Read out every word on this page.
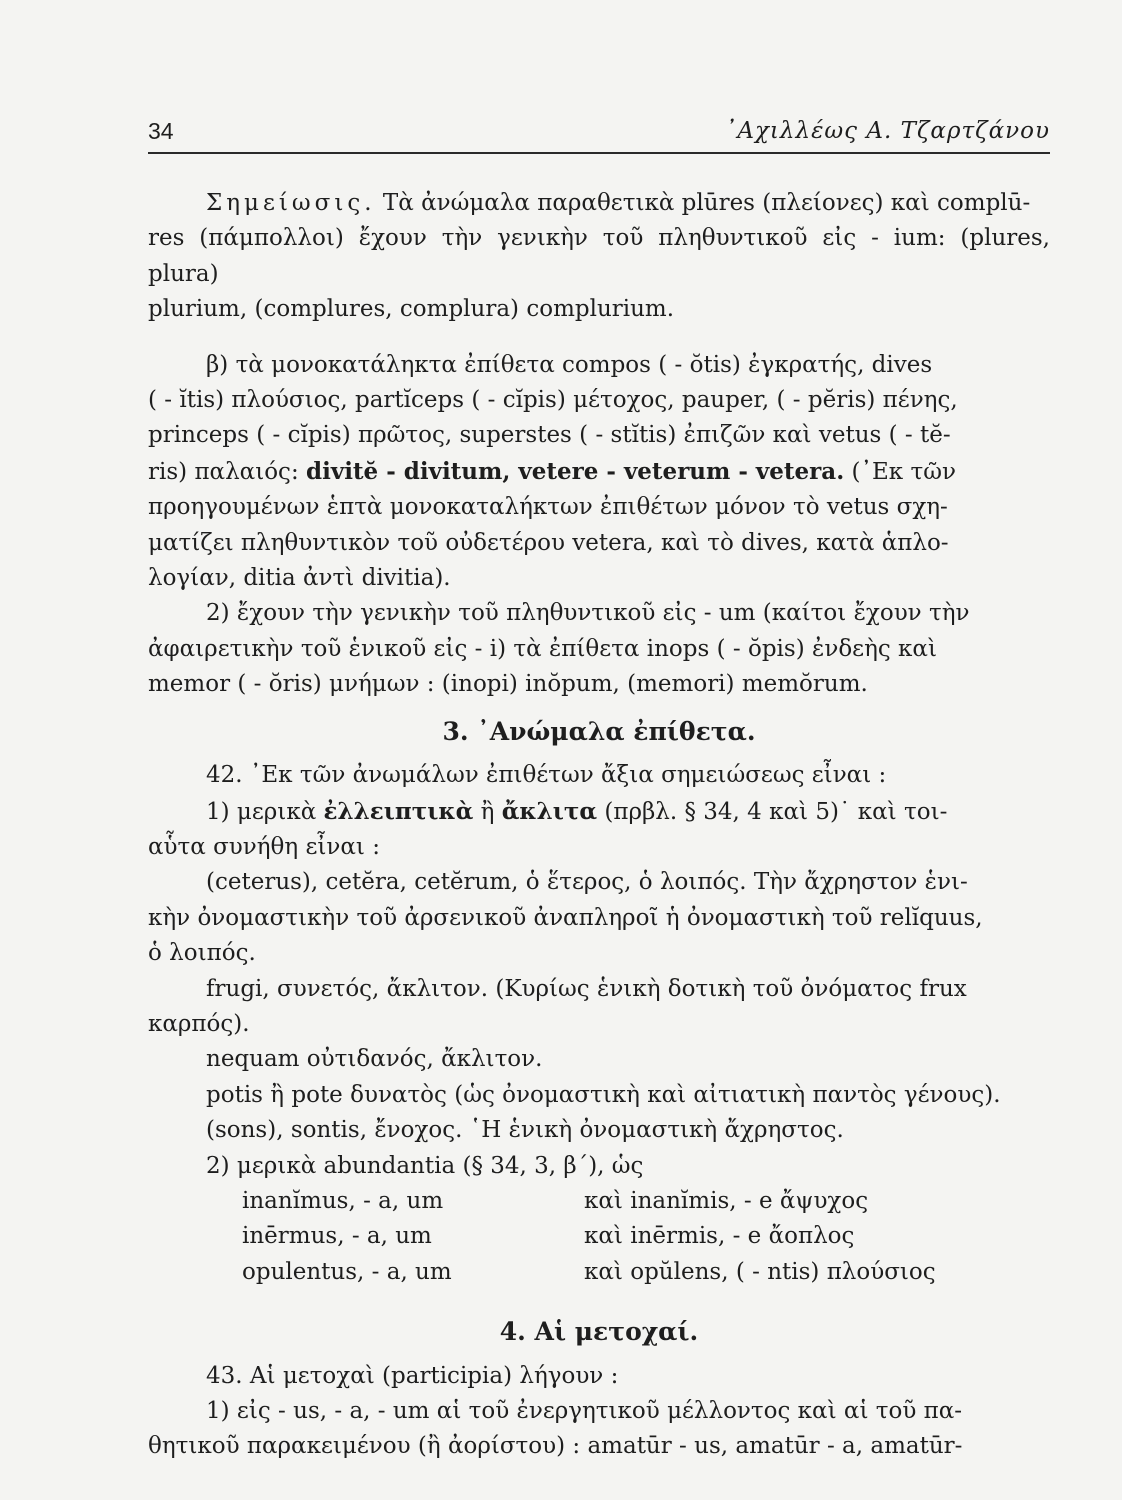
34	᾿Αχιλλέως Α. Τζαρτζάνου

Σημείωσις. Τὰ ἀνώμαλα παραθετικὰ plūres (πλείονες) καὶ complū-

res (πάμπολλοι) ἔχουν τὴν γενικὴν τοῦ πληθυντικοῦ εἰς - ium: (plures, plura)

plurium, (complures, complura) complurium.

β) τὰ μονοκατάληκτα ἐπίθετα compos ( - ŏtis) ἐγκρατής, dives

( - ĭtis) πλούσιος, partĭceps ( - cĭpis) μέτοχος, pauper, ( - pĕris) πένης,

princeps ( - cĭpis) πρῶτος, superstes ( - stĭtis) ἐπιζῶν καὶ vetus ( - tĕ-

ris) παλαιός: divitĕ - divitum, vetere - veterum - vetera. (᾿Εκ τῶν

προηγουμένων ἑπτὰ μονοκαταλήκτων ἐπιθέτων μόνον τὸ vetus σχη-

ματίζει πληθυντικὸν τοῦ οὐδετέρου vetera, καὶ τὸ dives, κατὰ ἁπλο-

λογίαν, ditia ἀντὶ divitia).

2) ἔχουν τὴν γενικὴν τοῦ πληθυντικοῦ εἰς - um (καίτοι ἔχουν τὴν

ἀφαιρετικὴν τοῦ ἑνικοῦ εἰς - i) τὰ ἐπίθετα inops ( - ŏpis) ἐνδεὴς καὶ

memor ( - ŏris) μνήμων : (inopi) inŏpum, (memori) memŏrum.

3. ᾿Ανώμαλα ἐπίθετα.

42. ᾿Εκ τῶν ἀνωμάλων ἐπιθέτων ἄξια σημειώσεως εἶναι :

1) μερικὰ ἐλλειπτικὰ ἢ ἄκλιτα (πρβλ. § 34, 4 καὶ 5)˙ καὶ τοι-

αὗτα συνήθη εἶναι :

(ceterus), cetĕra, cetĕrum, ὁ ἕτερος, ὁ λοιπός. Τὴν ἄχρηστον ἑνι-

κὴν ὀνομαστικὴν τοῦ ἀρσενικοῦ ἀναπληροῖ ἡ ὀνομαστικὴ τοῦ relĭquus,

ὁ λοιπός.

frugi, συνετός, ἄκλιτον. (Κυρίως ἑνικὴ δοτικὴ τοῦ ὀνόματος frux

καρπός).

nequam οὐτιδανός, ἄκλιτον.

potis ἢ pote δυνατὸς (ὡς ὀνομαστικὴ καὶ αἰτιατικὴ παντὸς γένους).

(sons), sontis, ἔνοχος. ῾Η ἑνικὴ ὀνομαστικὴ ἄχρηστος.

2) μερικὰ abundantia (§ 34, 3, β΄), ὡς

inanĭmus, - a, um	καὶ inanĭmis, - e ἄψυχος
inērmus, - a, um	καὶ inērmis, - e ἄοπλος
opulentus, - a, um	καὶ opŭlens, ( - ntis) πλούσιος

4. Αἱ μετοχαί.

43. Αἱ μετοχαὶ (participia) λήγουν :

1) εἰς - us, - a, - um αἱ τοῦ ἐνεργητικοῦ μέλλοντος καὶ αἱ τοῦ πα-

θητικοῦ παρακειμένου (ἢ ἀορίστου) : amatūr - us, amatūr - a, amatūr-
